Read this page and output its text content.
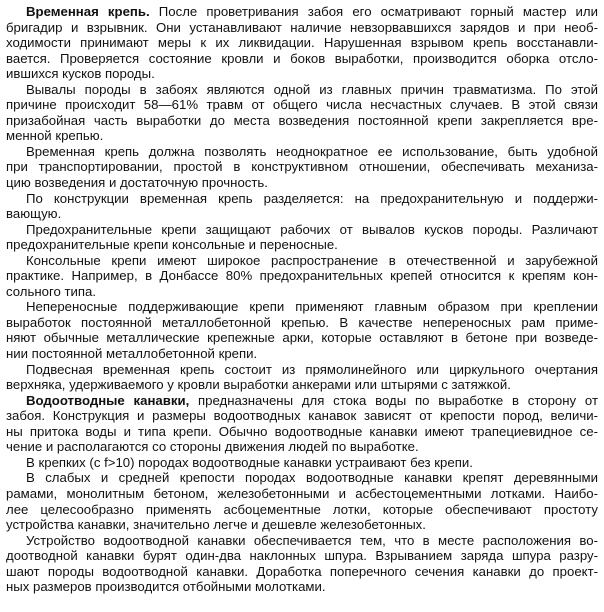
Временная крепь. После проветривания забоя его осматривают горный мастер или
бригадир и взрывник. Они устанавливают наличие невзорвавшихся зарядов и при необ-
ходимости принимают меры к их ликвидации. Нарушенная взрывом крепь восстанавли-
вается. Проверяется состояние кровли и боков выработки, производится оборка отсло-
ившихся кусков породы.
Вывалы породы в забоях являются одной из главных причин травматизма. По этой
причине происходит 58—61% травм от общего числа несчастных случаев. В этой связи
призабойная часть выработки до места возведения постоянной крепи закрепляется вре-
менной крепью.
Временная крепь должна позволять неоднократное ее использование, быть удобной
при транспортировании, простой в конструктивном отношении, обеспечивать механиза-
цию возведения и достаточную прочность.
По конструкции временная крепь разделяется: на предохранительную и поддержи-
вающую.
Предохранительные крепи защищают рабочих от вывалов кусков породы. Различают
предохранительные крепи консольные и переносные.
Консольные крепи имеют широкое распространение в отечественной и зарубежной
практике. Например, в Донбассе 80% предохранительных крепей относится к крепям кон-
сольного типа.
Непереносные поддерживающие крепи применяют главным образом при креплении
выработок постоянной металлобетонной крепью. В качестве непереносных рам приме-
няют обычные металлические крепежные арки, которые оставляют в бетоне при возведе-
нии постоянной металлобетонной крепи.
Подвесная временная крепь состоит из прямолинейного или циркульного очертания
верхняка, удерживаемого у кровли выработки анкерами или штырями с затяжкой.
Водоотводные канавки, предназначены для стока воды по выработке в сторону от
забоя. Конструкция и размеры водоотводных канавок зависят от крепости пород, величи-
ны притока воды и типа крепи. Обычно водоотводные канавки имеют трапециевидное се-
чение и располагаются со стороны движения людей по выработке.
В крепких (с f>10) породах водоотводные канавки устраивают без крепи.
В слабых и средней крепости породах водоотводные канавки крепят деревянными
рамами, монолитным бетоном, железобетонными и асбестоцементными лотками. Наибо-
лее целесообразно применять асбоцементные лотки, которые обеспечивают простоту
устройства канавки, значительно легче и дешевле железобетонных.
Устройство водоотводной канавки обеспечивается тем, что в месте расположения во-
доотводной канавки бурят один-два наклонных шпура. Взрыванием заряда шпура разру-
шают породы водоотводной канавки. Доработка поперечного сечения канавки до проект-
ных размеров производится отбойными молотками.
